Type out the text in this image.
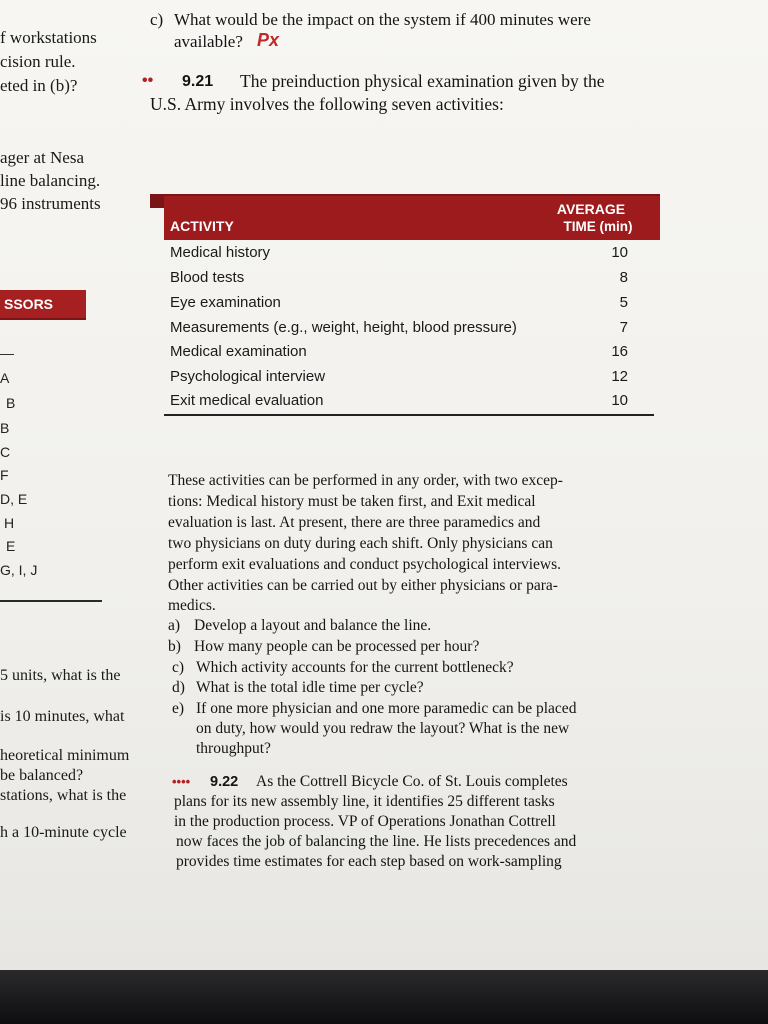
f workstations
cision rule.
eted in (b)?
ager at Nesa
line balancing.
96 instruments
SSORS
—
A
B
B
C
F
D, E
H
E
G, I, J
5 units, what is the
is 10 minutes, what
heoretical minimum
be balanced?
stations, what is the
h a 10-minute cycle
c) What would be the impact on the system if 400 minutes were
available? Px
•• 9.21 The preinduction physical examination given by the
U.S. Army involves the following seven activities:
ACTIVITY
AVERAGE
TIME (min)
Medical history	10
Blood tests	8
Eye examination	5
Measurements (e.g., weight, height, blood pressure)	7
Medical examination	16
Psychological interview	12
Exit medical evaluation	10
These activities can be performed in any order, with two excep-
tions: Medical history must be taken first, and Exit medical
evaluation is last. At present, there are three paramedics and
two physicians on duty during each shift. Only physicians can
perform exit evaluations and conduct psychological interviews.
Other activities can be carried out by either physicians or para-
medics.
a) Develop a layout and balance the line.
b) How many people can be processed per hour?
c) Which activity accounts for the current bottleneck?
d) What is the total idle time per cycle?
e) If one more physician and one more paramedic can be placed
on duty, how would you redraw the layout? What is the new
throughput?
•••• 9.22 As the Cottrell Bicycle Co. of St. Louis completes
plans for its new assembly line, it identifies 25 different tasks
in the production process. VP of Operations Jonathan Cottrell
now faces the job of balancing the line. He lists precedences and
provides time estimates for each step based on work-sampling
